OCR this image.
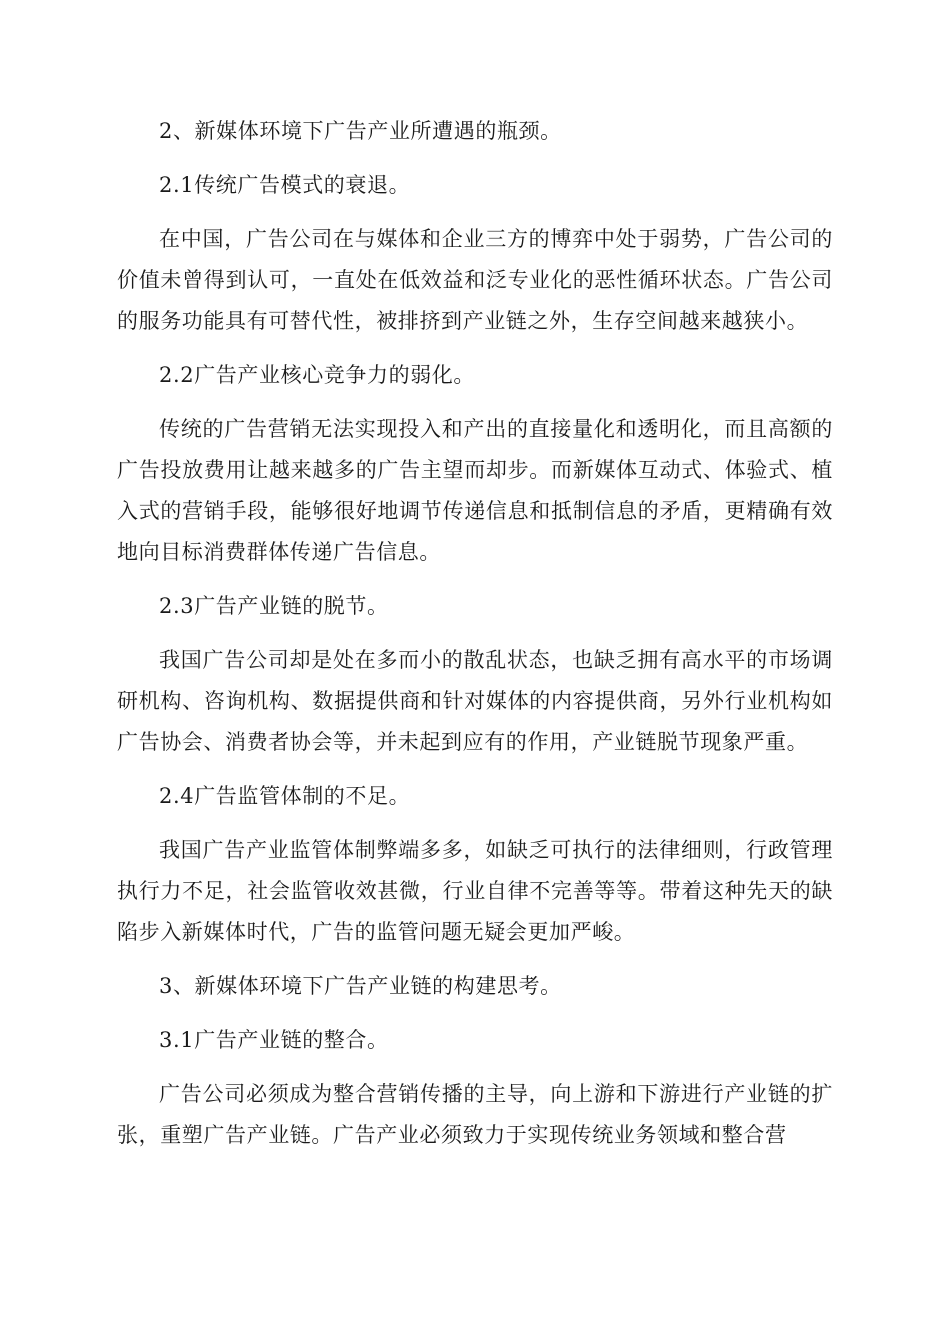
2、新媒体环境下广告产业所遭遇的瓶颈。

2.1传统广告模式的衰退。

在中国，广告公司在与媒体和企业三方的博弈中处于弱势，广告公司的价值未曾得到认可，一直处在低效益和泛专业化的恶性循环状态。广告公司的服务功能具有可替代性，被排挤到产业链之外，生存空间越来越狭小。

2.2广告产业核心竞争力的弱化。

传统的广告营销无法实现投入和产出的直接量化和透明化，而且高额的广告投放费用让越来越多的广告主望而却步。而新媒体互动式、体验式、植入式的营销手段，能够很好地调节传递信息和抵制信息的矛盾，更精确有效地向目标消费群体传递广告信息。

2.3广告产业链的脱节。

我国广告公司却是处在多而小的散乱状态，也缺乏拥有高水平的市场调研机构、咨询机构、数据提供商和针对媒体的内容提供商，另外行业机构如广告协会、消费者协会等，并未起到应有的作用，产业链脱节现象严重。

2.4广告监管体制的不足。

我国广告产业监管体制弊端多多，如缺乏可执行的法律细则，行政管理执行力不足，社会监管收效甚微，行业自律不完善等等。带着这种先天的缺陷步入新媒体时代，广告的监管问题无疑会更加严峻。

3、新媒体环境下广告产业链的构建思考。

3.1广告产业链的整合。

广告公司必须成为整合营销传播的主导，向上游和下游进行产业链的扩张，重塑广告产业链。广告产业必须致力于实现传统业务领域和整合营
